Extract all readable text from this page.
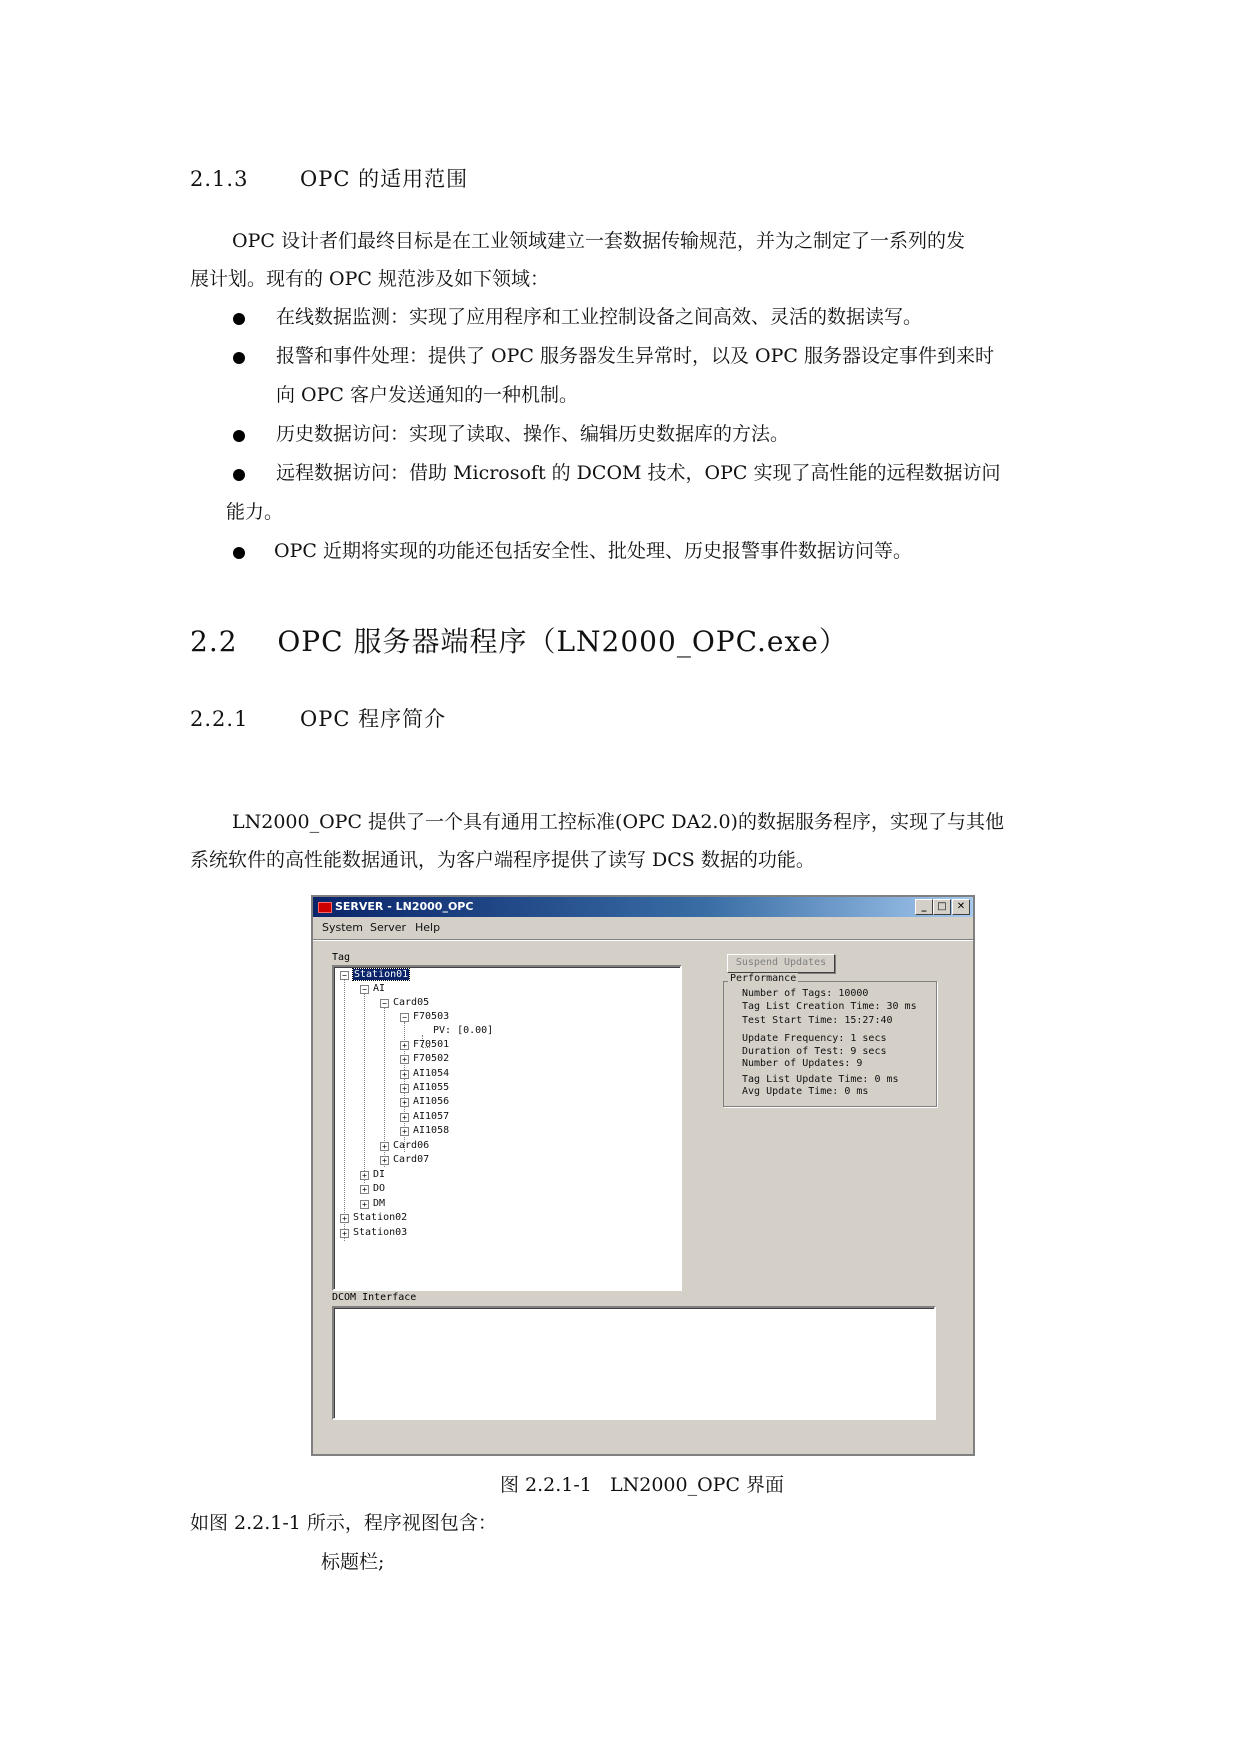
2.1.3 OPC 的适用范围
OPC 设计者们最终目标是在工业领域建立一套数据传输规范，并为之制定了一系列的发
展计划。现有的 OPC 规范涉及如下领域：
在线数据监测：实现了应用程序和工业控制设备之间高效、灵活的数据读写。
报警和事件处理：提供了 OPC 服务器发生异常时，以及 OPC 服务器设定事件到来时
向 OPC 客户发送通知的一种机制。
历史数据访问：实现了读取、操作、编辑历史数据库的方法。
远程数据访问：借助 Microsoft 的 DCOM 技术，OPC 实现了高性能的远程数据访问
能力。
OPC 近期将实现的功能还包括安全性、批处理、历史报警事件数据访问等。
2.2 OPC 服务器端程序（LN2000_OPC.exe）
2.2.1 OPC 程序简介
LN2000_OPC 提供了一个具有通用工控标准(OPC DA2.0)的数据服务程序，实现了与其他
系统软件的高性能数据通讯，为客户端程序提供了读写 DCS 数据的功能。
SERVER - LN2000_OPC	_	□	✕
System Server Help
Tag
− Station01
− AI
− Card05
− F70503
PV: [0.00]
+ F70501
+ F70502
+ AI1054
+ AI1055
+ AI1056
+ AI1057
+ AI1058
+ Card06
+ Card07
+ DI
+ DO
+ DM
+ Station02
+ Station03
Suspend Updates
Performance
Number of Tags: 10000
Tag List Creation Time: 30 ms
Test Start Time: 15:27:40
Update Frequency: 1 secs
Duration of Test: 9 secs
Number of Updates: 9
Tag List Update Time: 0 ms
Avg Update Time: 0 ms
DCOM Interface
图 2.2.1-1   LN2000_OPC 界面
如图 2.2.1-1 所示，程序视图包含：
标题栏;
